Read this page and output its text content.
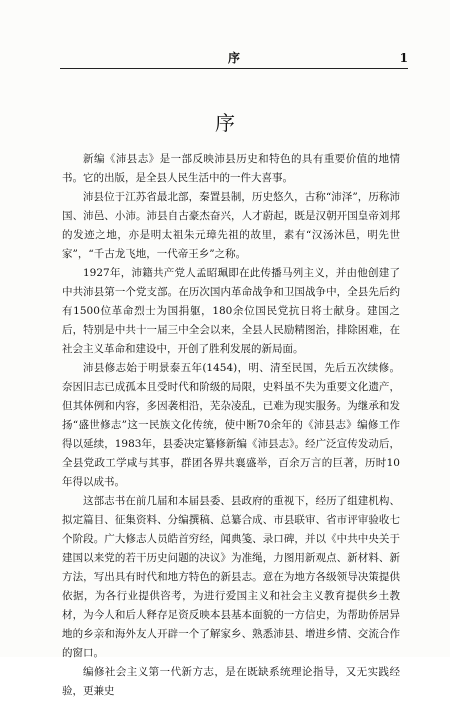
序	1
序

新编《沛县志》是一部反映沛县历史和特色的具有重要价值的地情书。它的出版，是全县人民生活中的一件大喜事。

沛县位于江苏省最北部，秦置县制，历史悠久，古称“沛泽”，历称沛国、沛邑、小沛。沛县自古豪杰奋兴，人才蔚起，既是汉朝开国皇帝刘邦的发迹之地，亦是明太祖朱元璋先祖的故里，素有“汉汤沐邑，明先世家”，“千古龙飞地，一代帝王乡”之称。

1927年，沛籍共产党人孟昭珮即在此传播马列主义，并由他创建了中共沛县第一个党支部。在历次国内革命战争和卫国战争中，全县先后约有1500位革命烈士为国捐躯，180余位国民党抗日将士献身。建国之后，特别是中共十一届三中全会以来，全县人民励精图治，排除困难，在社会主义革命和建设中，开创了胜利发展的新局面。

沛县修志始于明景泰五年(1454)，明、清至民国，先后五次续修。奈因旧志已成孤本且受时代和阶级的局限，史料虽不失为重要文化遗产，但其体例和内容，多因袭相沿，芜杂凌乱，已难为现实服务。为继承和发扬“盛世修志”这一民族文化传统，使中断70余年的《沛县志》编修工作得以延续，1983年，县委决定纂修新编《沛县志》。经广泛宣传发动后，全县党政工学咸与其事，群团各界共襄盛举，百余万言的巨著，历时10年得以成书。

这部志书在前几届和本届县委、县政府的重视下，经历了组建机构、拟定篇目、征集资料、分编撰稿、总纂合成、市县联审、省市评审验收七个阶段。广大修志人员皓首穷经，闻典笺、录口碑，并以《中共中央关于建国以来党的若干历史问题的决议》为准绳，力图用新观点、新材料、新方法，写出具有时代和地方特色的新县志。意在为地方各级领导决策提供依据，为各行业提供咨考，为进行爱国主义和社会主义教育提供乡土教材，为今人和后人释存足资反映本县基本面貌的一方信史，为帮助侨居异地的乡亲和海外友人开辟一个了解家乡、熟悉沛县、增进乡情、交流合作的窗口。

编修社会主义第一代新方志，是在既缺系统理论指导，又无实践经验，更兼史
